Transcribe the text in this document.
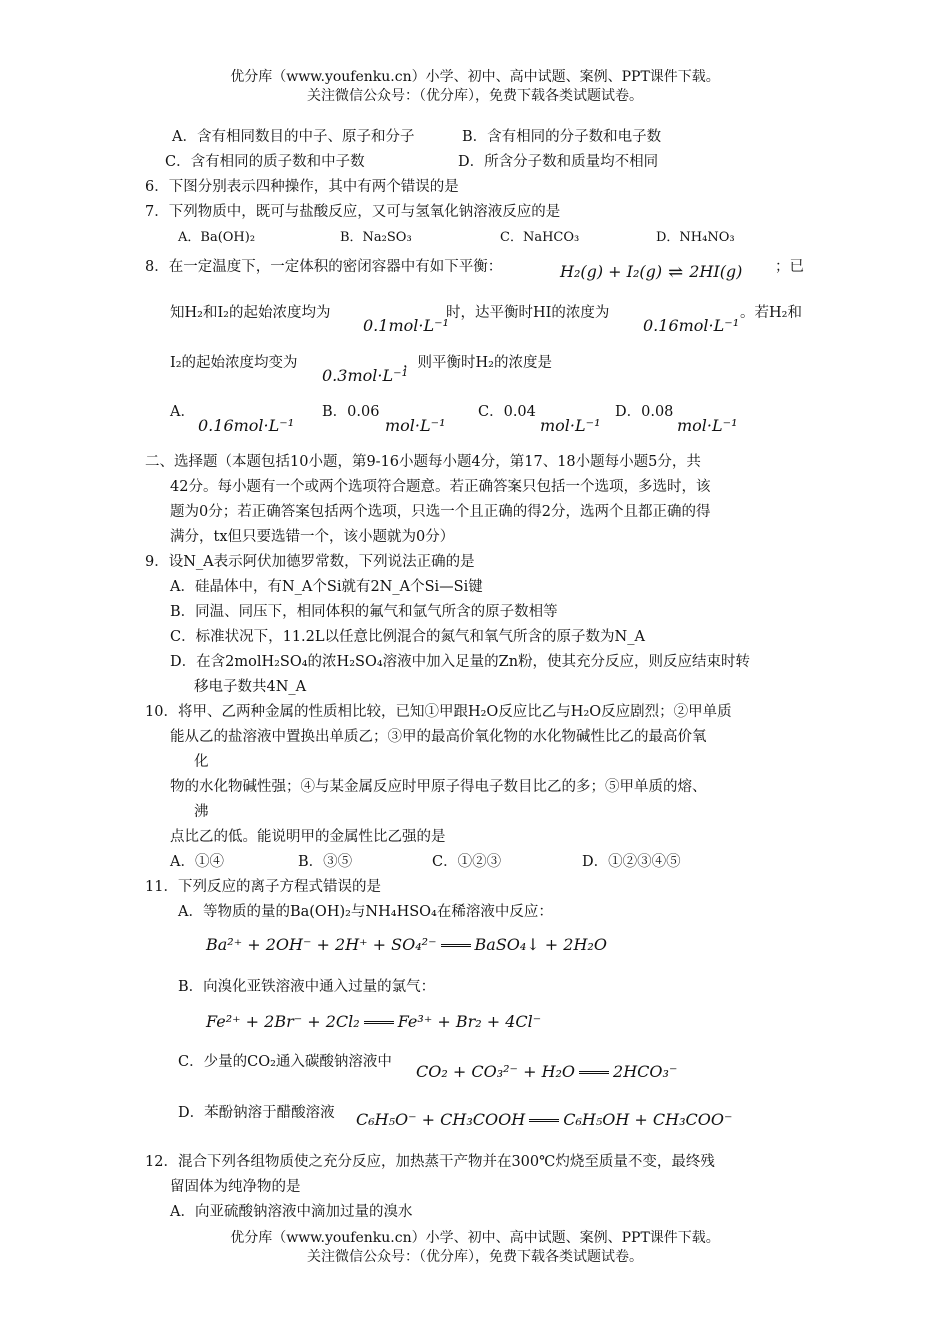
优分库（www.youfenku.cn）小学、初中、高中试题、案例、PPT课件下载。
关注微信公众号：（优分库），免费下载各类试题试卷。
A．含有相同数目的中子、原子和分子	B．含有相同的分子数和电子数
C．含有相同的质子数和中子数	D．所含分子数和质量均不相同
6．下图分别表示四种操作，其中有两个错误的是
7．下列物质中，既可与盐酸反应，又可与氢氧化钠溶液反应的是
A．Ba(OH)₂	B．Na₂SO₃	C．NaHCO₃	D．NH₄NO₃
8．在一定温度下，一定体积的密闭容器中有如下平衡：	H₂(g) + I₂(g) ⇌ 2HI(g) ；已
知H₂和I₂的起始浓度均为
0.1mol·L⁻¹
时，达平衡时HI的浓度为
0.16mol·L⁻¹
。若H₂和
I₂的起始浓度均变为
0.3mol·L⁻¹
，则平衡时H₂的浓度是
A．
0.16mol·L⁻¹
B．0.06
mol·L⁻¹
C．0.04
mol·L⁻¹
D．0.08
mol·L⁻¹
二、选择题（本题包括10小题，第9-16小题每小题4分，第17、18小题每小题5分，共
42分。每小题有一个或两个选项符合题意。若正确答案只包括一个选项，多选时，该
题为0分；若正确答案包括两个选项，只选一个且正确的得2分，选两个且都正确的得
满分，tx但只要选错一个，该小题就为0分）
9．设N_A表示阿伏加德罗常数，下列说法正确的是
A．硅晶体中，有N_A个Si就有2N_A个Si—Si键
B．同温、同压下，相同体积的氟气和氩气所含的原子数相等
C．标准状况下，11.2L以任意比例混合的氮气和氧气所含的原子数为N_A
D．在含2molH₂SO₄的浓H₂SO₄溶液中加入足量的Zn粉，使其充分反应，则反应结束时转
移电子数共4N_A
10．将甲、乙两种金属的性质相比较，已知①甲跟H₂O反应比乙与H₂O反应剧烈；②甲单质
能从乙的盐溶液中置换出单质乙；③甲的最高价氧化物的水化物碱性比乙的最高价氧
化
物的水化物碱性强；④与某金属反应时甲原子得电子数目比乙的多；⑤甲单质的熔、
沸
点比乙的低。能说明甲的金属性比乙强的是
A．①④	B．③⑤	C．①②③	D．①②③④⑤
11．下列反应的离子方程式错误的是
A．等物质的量的Ba(OH)₂与NH₄HSO₄在稀溶液中反应：
Ba²⁺ + 2OH⁻ + 2H⁺ + SO₄²⁻ BaSO₄↓ + 2H₂O
B．向溴化亚铁溶液中通入过量的氯气：
Fe²⁺ + 2Br⁻ + 2Cl₂ Fe³⁺ + Br₂ + 4Cl⁻
C．少量的CO₂通入碳酸钠溶液中 CO₂ + CO₃²⁻ + H₂O 2HCO₃⁻
D．苯酚钠溶于醋酸溶液 C₆H₅O⁻ + CH₃COOH C₆H₅OH + CH₃COO⁻
12．混合下列各组物质使之充分反应，加热蒸干产物并在300℃灼烧至质量不变，最终残
留固体为纯净物的是
A．向亚硫酸钠溶液中滴加过量的溴水
优分库（www.youfenku.cn）小学、初中、高中试题、案例、PPT课件下载。
关注微信公众号：（优分库），免费下载各类试题试卷。
